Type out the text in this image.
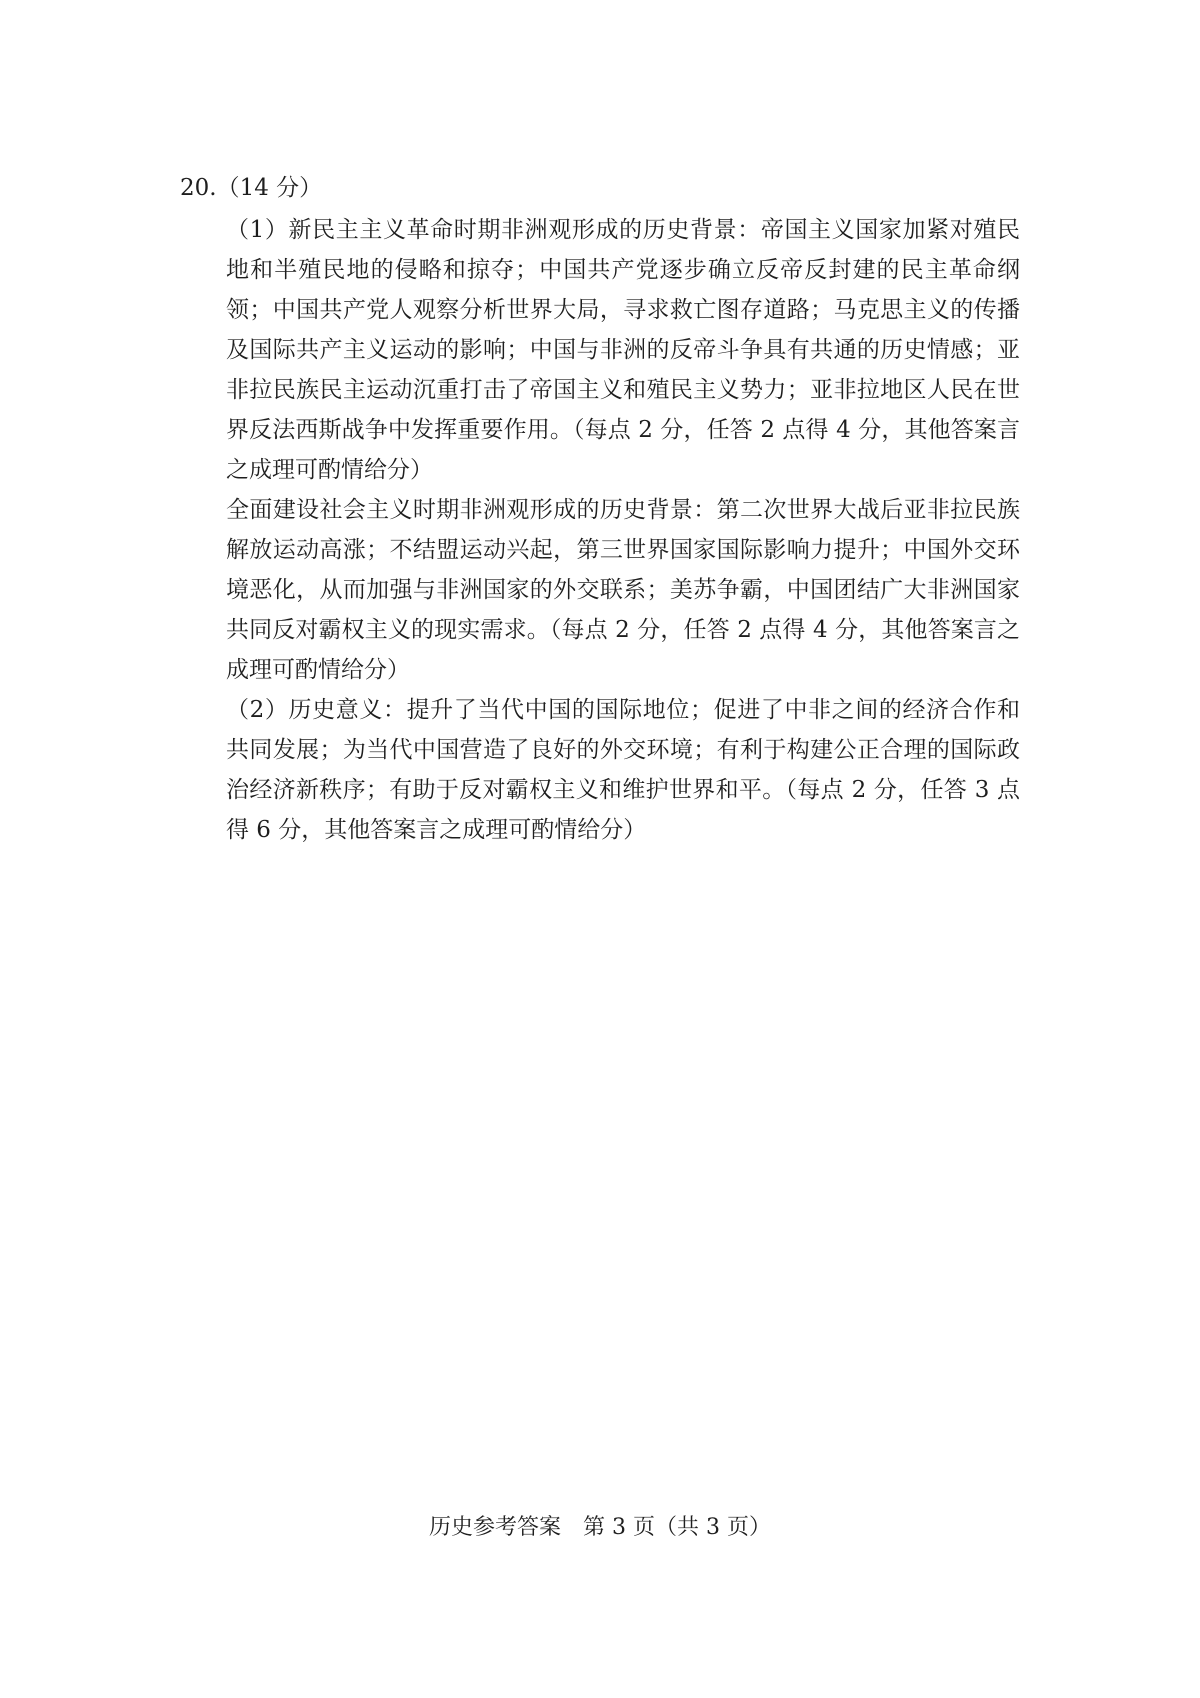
20.（14 分）

（1）新民主主义革命时期非洲观形成的历史背景：帝国主义国家加紧对殖民地和半殖民地的侵略和掠夺；中国共产党逐步确立反帝反封建的民主革命纲领；中国共产党人观察分析世界大局，寻求救亡图存道路；马克思主义的传播及国际共产主义运动的影响；中国与非洲的反帝斗争具有共通的历史情感；亚非拉民族民主运动沉重打击了帝国主义和殖民主义势力；亚非拉地区人民在世界反法西斯战争中发挥重要作用。（每点 2 分，任答 2 点得 4 分，其他答案言之成理可酌情给分）

全面建设社会主义时期非洲观形成的历史背景：第二次世界大战后亚非拉民族解放运动高涨；不结盟运动兴起，第三世界国家国际影响力提升；中国外交环境恶化，从而加强与非洲国家的外交联系；美苏争霸，中国团结广大非洲国家共同反对霸权主义的现实需求。（每点 2 分，任答 2 点得 4 分，其他答案言之成理可酌情给分）

（2）历史意义：提升了当代中国的国际地位；促进了中非之间的经济合作和共同发展；为当代中国营造了良好的外交环境；有利于构建公正合理的国际政治经济新秩序；有助于反对霸权主义和维护世界和平。（每点 2 分，任答 3 点得 6 分，其他答案言之成理可酌情给分）

历史参考答案　第 3 页（共 3 页）
